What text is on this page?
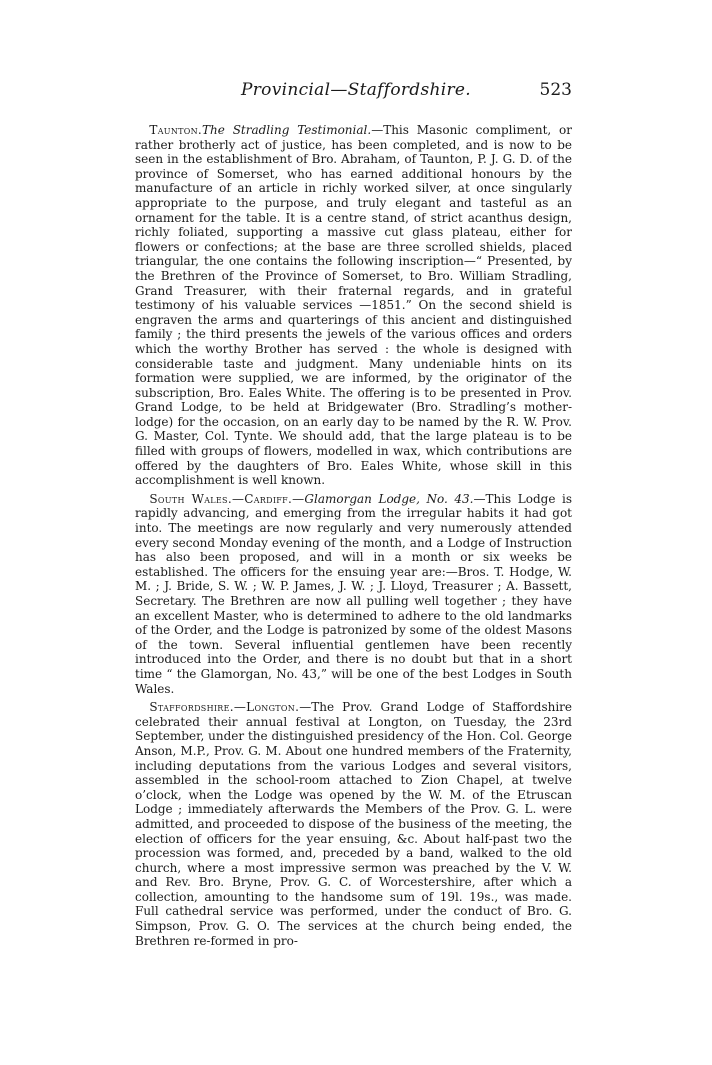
Provincial—Staffordshire.	523

Taunton.The Stradling Testimonial.—This Masonic compliment, or rather brotherly act of justice, has been completed, and is now to be seen in the establishment of Bro. Abraham, of Taunton, P. J. G. D. of the province of Somerset, who has earned additional honours by the manufacture of an article in richly worked silver, at once singularly appropriate to the purpose, and truly elegant and tasteful as an ornament for the table. It is a centre stand, of strict acanthus design, richly foliated, supporting a massive cut glass plateau, either for flowers or confections; at the base are three scrolled shields, placed triangular, the one contains the following inscription—“ Presented, by the Brethren of the Province of Somerset, to Bro. William Stradling, Grand Treasurer, with their fraternal regards, and in grateful testimony of his valuable services —1851.” On the second shield is engraven the arms and quarterings of this ancient and distinguished family ; the third presents the jewels of the various offices and orders which the worthy Brother has served : the whole is designed with considerable taste and judgment. Many undeniable hints on its formation were supplied, we are informed, by the originator of the subscription, Bro. Eales White. The offering is to be presented in Prov. Grand Lodge, to be held at Bridgewater (Bro. Stradling’s mother-lodge) for the occasion, on an early day to be named by the R. W. Prov. G. Master, Col. Tynte. We should add, that the large plateau is to be filled with groups of flowers, modelled in wax, which contributions are offered by the daughters of Bro. Eales White, whose skill in this accomplishment is well known.

South Wales.—Cardiff.—Glamorgan Lodge, No. 43.—This Lodge is rapidly advancing, and emerging from the irregular habits it had got into. The meetings are now regularly and very numerously attended every second Monday evening of the month, and a Lodge of Instruction has also been proposed, and will in a month or six weeks be established. The officers for the ensuing year are:—Bros. T. Hodge, W. M. ; J. Bride, S. W. ; W. P. James, J. W. ; J. Lloyd, Treasurer ; A. Bassett, Secretary. The Brethren are now all pulling well together ; they have an excellent Master, who is determined to adhere to the old landmarks of the Order, and the Lodge is patronized by some of the oldest Masons of the town. Several influential gentlemen have been recently introduced into the Order, and there is no doubt but that in a short time “ the Glamorgan, No. 43,” will be one of the best Lodges in South Wales.

Staffordshire.—Longton.—The Prov. Grand Lodge of Staffordshire celebrated their annual festival at Longton, on Tuesday, the 23rd September, under the distinguished presidency of the Hon. Col. George Anson, M.P., Prov. G. M. About one hundred members of the Fraternity, including deputations from the various Lodges and several visitors, assembled in the school-room attached to Zion Chapel, at twelve o’clock, when the Lodge was opened by the W. M. of the Etruscan Lodge ; immediately afterwards the Members of the Prov. G. L. were admitted, and proceeded to dispose of the business of the meeting, the election of officers for the year ensuing, &c. About half-past two the procession was formed, and, preceded by a band, walked to the old church, where a most impressive sermon was preached by the V. W. and Rev. Bro. Bryne, Prov. G. C. of Worcestershire, after which a collection, amounting to the handsome sum of 19l. 19s., was made. Full cathedral service was performed, under the conduct of Bro. G. Simpson, Prov. G. O. The services at the church being ended, the Brethren re-formed in pro-
